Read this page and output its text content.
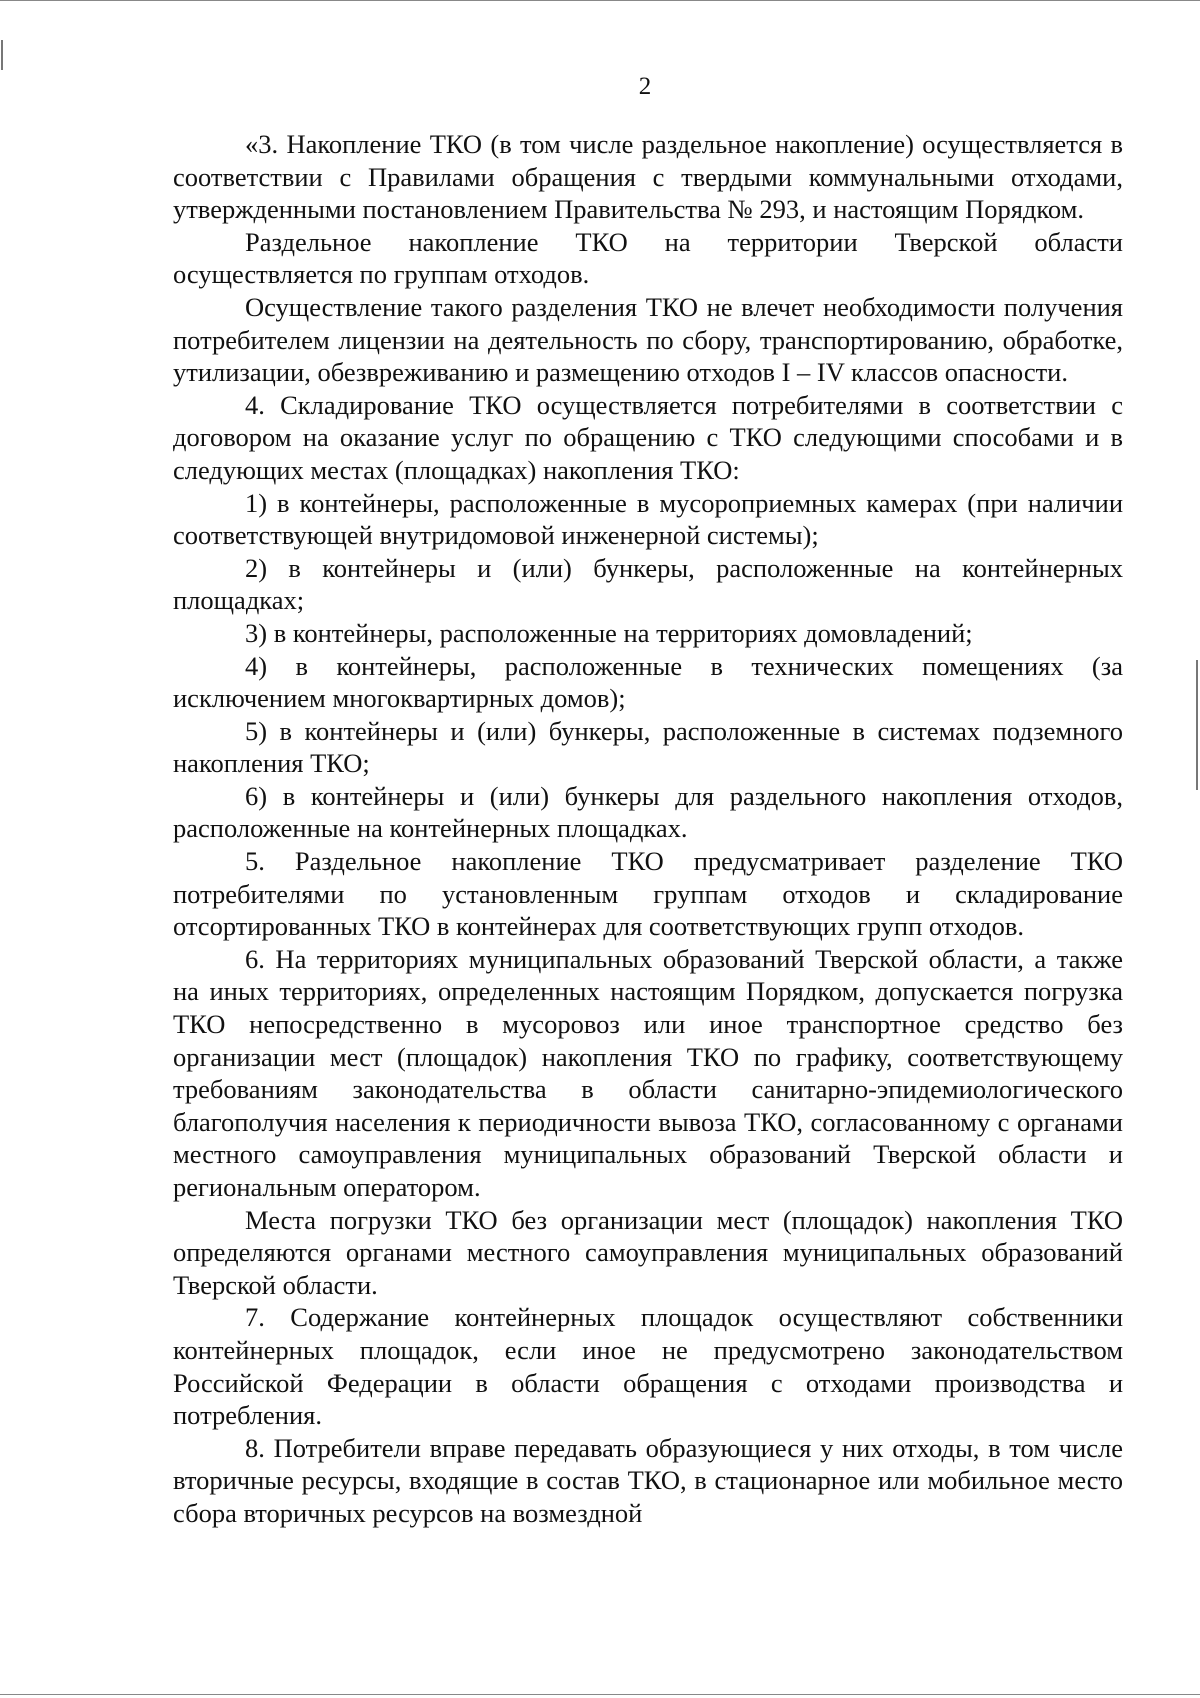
2

«3. Накопление ТКО (в том числе раздельное накопление) осуществляется в соответствии с Правилами обращения с твердыми коммунальными отходами, утвержденными постановлением Правительства № 293, и настоящим Порядком.

Раздельное накопление ТКО на территории Тверской области осуществляется по группам отходов.

Осуществление такого разделения ТКО не влечет необходимости получения потребителем лицензии на деятельность по сбору, транспортированию, обработке, утилизации, обезвреживанию и размещению отходов I – IV классов опасности.

4. Складирование ТКО осуществляется потребителями в соответствии с договором на оказание услуг по обращению с ТКО следующими способами и в следующих местах (площадках) накопления ТКО:

1) в контейнеры, расположенные в мусороприемных камерах (при наличии соответствующей внутридомовой инженерной системы);

2) в контейнеры и (или) бункеры, расположенные на контейнерных площадках;

3) в контейнеры, расположенные на территориях домовладений;

4) в контейнеры, расположенные в технических помещениях (за исключением многоквартирных домов);

5) в контейнеры и (или) бункеры, расположенные в системах подземного накопления ТКО;

6) в контейнеры и (или) бункеры для раздельного накопления отходов, расположенные на контейнерных площадках.

5. Раздельное накопление ТКО предусматривает разделение ТКО потребителями по установленным группам отходов и складирование отсортированных ТКО в контейнерах для соответствующих групп отходов.

6. На территориях муниципальных образований Тверской области, а также на иных территориях, определенных настоящим Порядком, допускается погрузка ТКО непосредственно в мусоровоз или иное транспортное средство без организации мест (площадок) накопления ТКО по графику, соответствующему требованиям законодательства в области санитарно-эпидемиологического благополучия населения к периодичности вывоза ТКО, согласованному с органами местного самоуправления муниципальных образований Тверской области и региональным оператором.

Места погрузки ТКО без организации мест (площадок) накопления ТКО определяются органами местного самоуправления муниципальных образований Тверской области.

7. Содержание контейнерных площадок осуществляют собственники контейнерных площадок, если иное не предусмотрено законодательством Российской Федерации в области обращения с отходами производства и потребления.

8. Потребители вправе передавать образующиеся у них отходы, в том числе вторичные ресурсы, входящие в состав ТКО, в стационарное или мобильное место сбора вторичных ресурсов на возмездной
